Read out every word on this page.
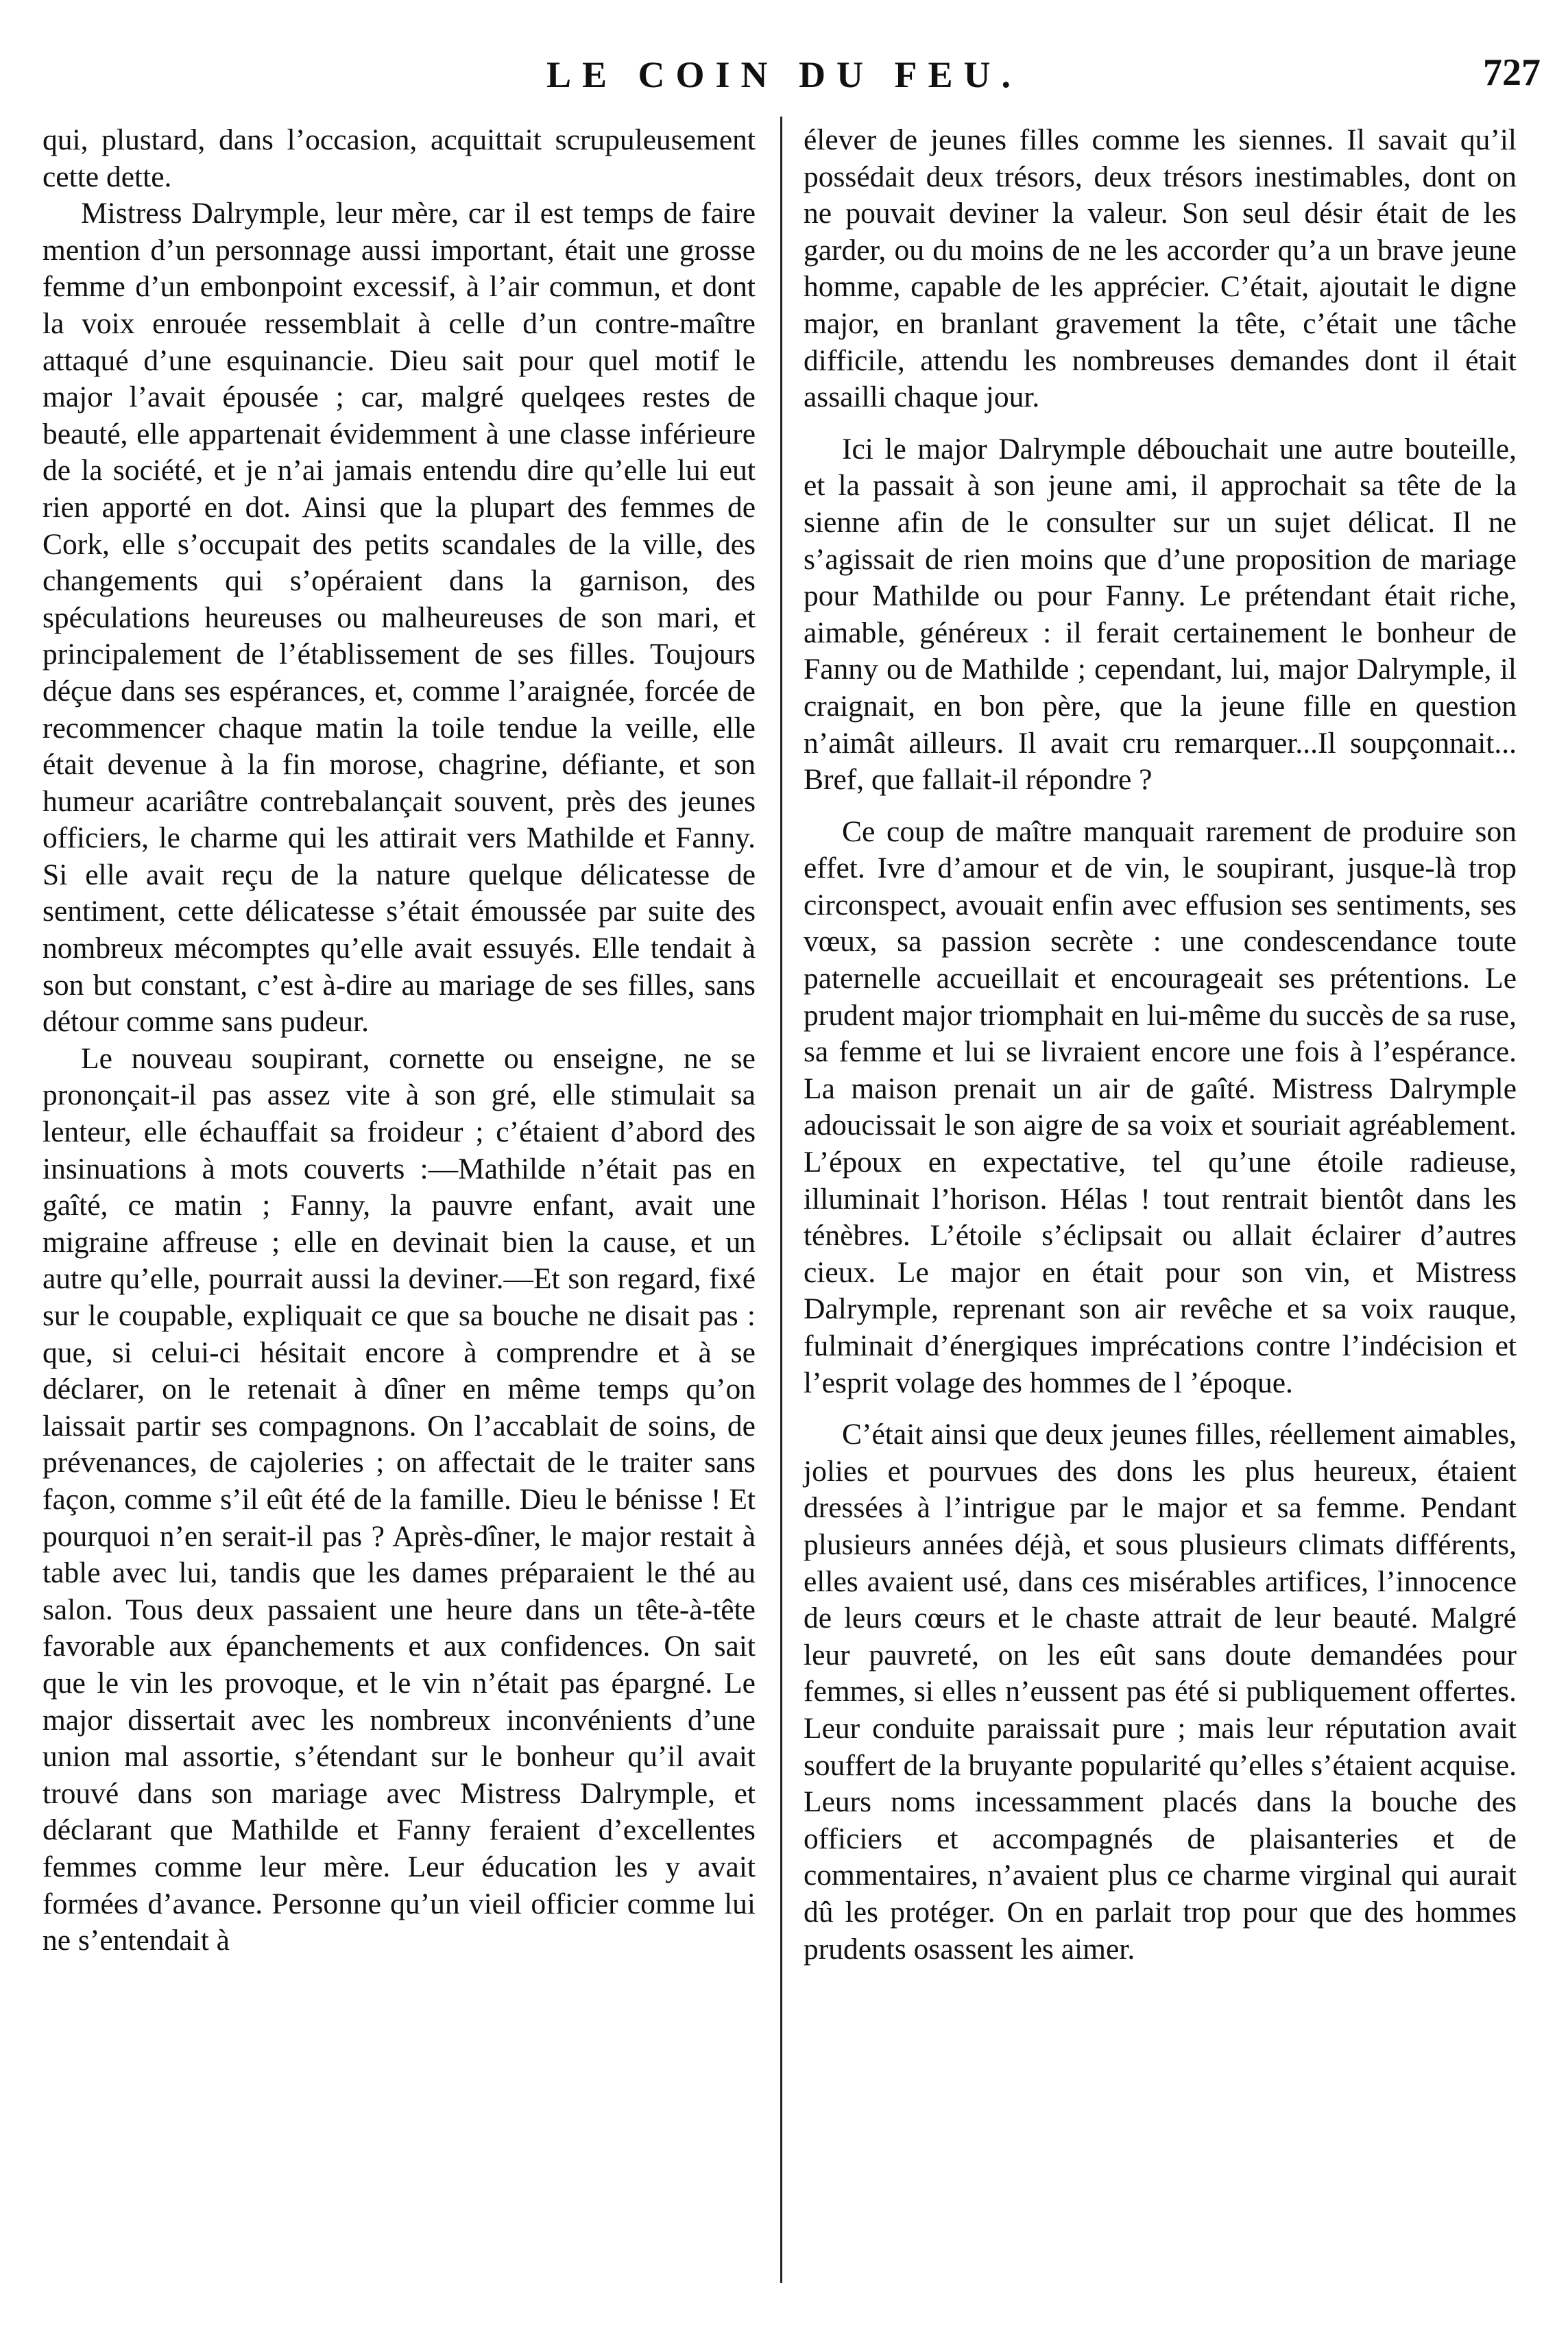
LE COIN DU FEU.	727

qui, plustard, dans l’occasion, acquittait scrupuleusement cette dette.

Mistress Dalrymple, leur mère, car il est temps de faire mention d’un personnage aussi important, était une grosse femme d’un embonpoint excessif, à l’air commun, et dont la voix enrouée ressemblait à celle d’un contre-maître attaqué d’une esquinancie. Dieu sait pour quel motif le major l’avait épousée ; car, malgré quelqees restes de beauté, elle appartenait évidemment à une classe inférieure de la société, et je n’ai jamais entendu dire qu’elle lui eut rien apporté en dot. Ainsi que la plupart des femmes de Cork, elle s’occupait des petits scandales de la ville, des changements qui s’opéraient dans la garnison, des spéculations heureuses ou malheureuses de son mari, et principalement de l’établissement de ses filles. Toujours déçue dans ses espérances, et, comme l’araignée, forcée de recommencer chaque matin la toile tendue la veille, elle était devenue à la fin morose, chagrine, défiante, et son humeur acariâtre contrebalançait souvent, près des jeunes officiers, le charme qui les attirait vers Mathilde et Fanny. Si elle avait reçu de la nature quelque délicatesse de sentiment, cette délicatesse s’était émoussée par suite des nombreux mécomptes qu’elle avait essuyés. Elle tendait à son but constant, c’est à-dire au mariage de ses filles, sans détour comme sans pudeur.

Le nouveau soupirant, cornette ou enseigne, ne se prononçait-il pas assez vite à son gré, elle stimulait sa lenteur, elle échauffait sa froideur ; c’étaient d’abord des insinuations à mots couverts :—Mathilde n’était pas en gaîté, ce matin ; Fanny, la pauvre enfant, avait une migraine affreuse ; elle en devinait bien la cause, et un autre qu’elle, pourrait aussi la deviner.—Et son regard, fixé sur le coupable, expliquait ce que sa bouche ne disait pas : que, si celui-ci hésitait encore à comprendre et à se déclarer, on le retenait à dîner en même temps qu’on laissait partir ses compagnons. On l’accablait de soins, de prévenances, de cajoleries ; on affectait de le traiter sans façon, comme s’il eût été de la famille. Dieu le bénisse ! Et pourquoi n’en serait-il pas ? Après-dîner, le major restait à table avec lui, tandis que les dames préparaient le thé au salon. Tous deux passaient une heure dans un tête-à-tête favorable aux épanchements et aux confidences. On sait que le vin les provoque, et le vin n’était pas épargné. Le major dissertait avec les nombreux inconvénients d’une union mal assortie, s’étendant sur le bonheur qu’il avait trouvé dans son mariage avec Mistress Dalrymple, et déclarant que Mathilde et Fanny feraient d’excellentes femmes comme leur mère. Leur éducation les y avait formées d’avance. Personne qu’un vieil officier comme lui ne s’entendait à

élever de jeunes filles comme les siennes. Il savait qu’il possédait deux trésors, deux trésors inestimables, dont on ne pouvait deviner la valeur. Son seul désir était de les garder, ou du moins de ne les accorder qu’a un brave jeune homme, capable de les apprécier. C’était, ajoutait le digne major, en branlant gravement la tête, c’était une tâche difficile, attendu les nombreuses demandes dont il était assailli chaque jour.

Ici le major Dalrymple débouchait une autre bouteille, et la passait à son jeune ami, il approchait sa tête de la sienne afin de le consulter sur un sujet délicat. Il ne s’agissait de rien moins que d’une proposition de mariage pour Mathilde ou pour Fanny. Le prétendant était riche, aimable, généreux : il ferait certainement le bonheur de Fanny ou de Mathilde ; cependant, lui, major Dalrymple, il craignait, en bon père, que la jeune fille en question n’aimât ailleurs. Il avait cru remarquer...Il soupçonnait... Bref, que fallait-il répondre ?

Ce coup de maître manquait rarement de produire son effet. Ivre d’amour et de vin, le soupirant, jusque-là trop circonspect, avouait enfin avec effusion ses sentiments, ses vœux, sa passion secrète : une condescendance toute paternelle accueillait et encourageait ses prétentions. Le prudent major triomphait en lui-même du succès de sa ruse, sa femme et lui se livraient encore une fois à l’espérance. La maison prenait un air de gaîté. Mistress Dalrymple adoucissait le son aigre de sa voix et souriait agréablement. L’époux en expectative, tel qu’une étoile radieuse, illuminait l’horison. Hélas ! tout rentrait bientôt dans les ténèbres. L’étoile s’éclipsait ou allait éclairer d’autres cieux. Le major en était pour son vin, et Mistress Dalrymple, reprenant son air revêche et sa voix rauque, fulminait d’énergiques imprécations contre l’indécision et l’esprit volage des hommes de l ’époque.

C’était ainsi que deux jeunes filles, réellement aimables, jolies et pourvues des dons les plus heureux, étaient dressées à l’intrigue par le major et sa femme. Pendant plusieurs années déjà, et sous plusieurs climats différents, elles avaient usé, dans ces misérables artifices, l’innocence de leurs cœurs et le chaste attrait de leur beauté. Malgré leur pauvreté, on les eût sans doute demandées pour femmes, si elles n’eussent pas été si publiquement offertes. Leur conduite paraissait pure ; mais leur réputation avait souffert de la bruyante popularité qu’elles s’étaient acquise. Leurs noms incessamment placés dans la bouche des officiers et accompagnés de plaisanteries et de commentaires, n’avaient plus ce charme virginal qui aurait dû les protéger. On en parlait trop pour que des hommes prudents osassent les aimer.
